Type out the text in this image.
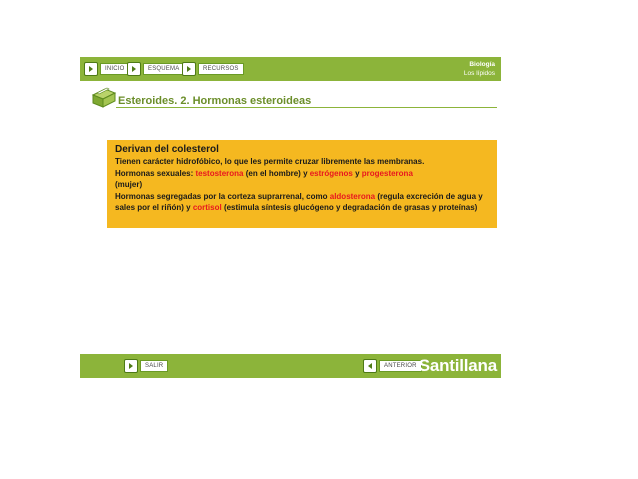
INICIO	ESQUEMA	RECURSOS
Biología
Los lípidos
Esteroides. 2. Hormonas esteroideas
Derivan del colesterol
Tienen carácter hidrofóbico, lo que les permite cruzar libremente las membranas.
Hormonas sexuales: testosterona (en el hombre) y estrógenos y progesterona
(mujer)
Hormonas segregadas por la corteza suprarrenal, como aldosterona (regula excreción de agua y sales por el riñón) y cortisol (estimula síntesis glucógeno y degradación de grasas y proteínas)
SALIR	ANTERIOR Santillana
